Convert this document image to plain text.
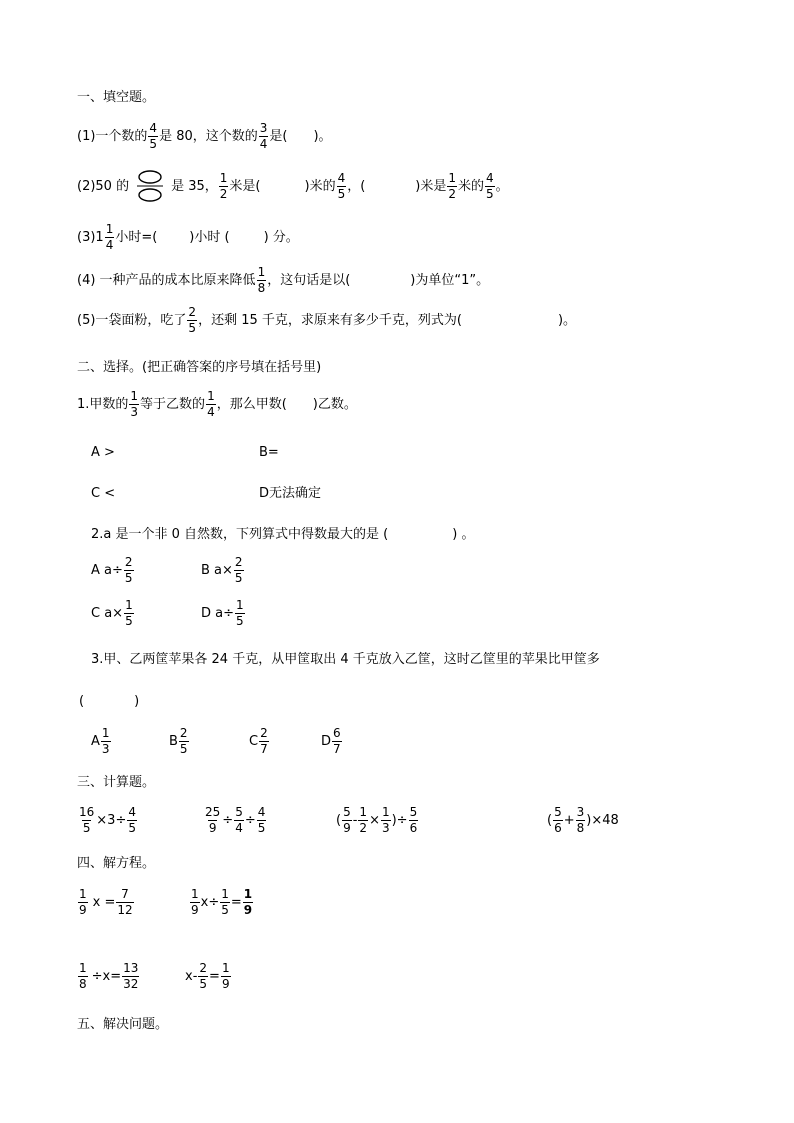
一、填空题。
(1)一个数的 $\frac{4}{5}$ 是 80，这个数的 $\frac{3}{4}$ 是( )。
(2)50 的	是 35， $\frac{1}{2}$ 米是(	)米的 $\frac{4}{5}$ ，(	)米是 $\frac{1}{2}$ 米的 $\frac{4}{5}$ 。
$(3)1 \frac{1}{4}$ 小时=( )小时 (	) 分。
(4) 一种产品的成本比原来降低 $\frac{1}{8}$ ，这句话是以(	)为单位“1”。
(5)一袋面粉，吃了 $\frac{2}{5}$ ，还剩 15 千克，求原来有多少千克，列式为(	)。
二、选择。(把正确答案的序号填在括号里)
1.甲数的 $\frac{1}{3}$ 等于乙数的 $\frac{1}{4}$ ，那么甲数( )乙数。
A >	B=
C <	D无法确定
2.a 是一个非 0 自然数，下列算式中得数最大的是 (	) 。
A $a\div \frac{2}{5}$	B $a\times \frac{2}{5}$
C $a\times \frac{1}{5}$	D $a\div \frac{1}{5}$
3.甲、乙两筐苹果各 24 千克，从甲筐取出 4 千克放入乙筐，这时乙筐里的苹果比甲筐多
(	)
A $\frac{1}{3}$	B $\frac{2}{5}$	C $\frac{2}{7}$	D $\frac{6}{7}$
三、计算题。
$\frac{16}{5} \times 3\div \frac{4}{5}$	$\frac{25}{9} \div \frac{5}{4} \div \frac{4}{5}$	( $\frac{5}{9} - \frac{1}{2} \times \frac{1}{3}$ )÷ $\frac{5}{6}$	( $\frac{5}{6} + \frac{3}{8} )\times 48$
四、解方程。
$\frac{1}{9}$ $x = \frac{7}{12}$	$\frac{1}{9} x\div \frac{1}{5} = \frac{1}{9}$
$\frac{1}{8} \div x= \frac{13}{32}$	$x- \frac{2}{5} = \frac{1}{9}$
五、解决问题。
